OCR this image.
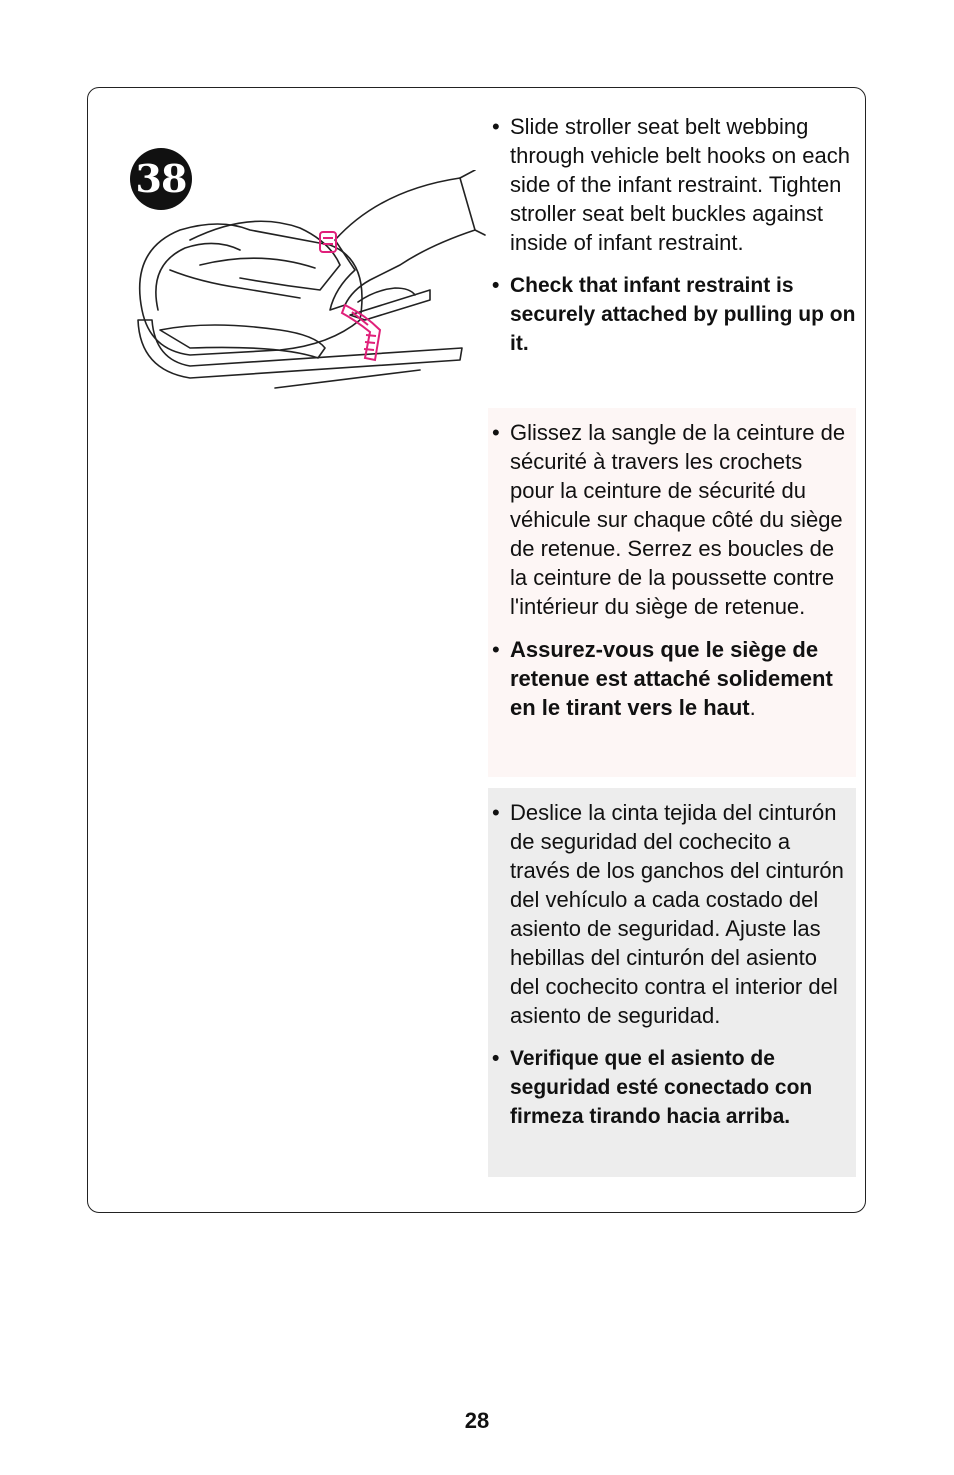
38

• Slide stroller seat belt webbing through vehicle belt hooks on each side of the infant restraint. Tighten stroller seat belt buckles against inside of infant restraint.

• Check that infant restraint is securely attached by pulling up on it.

• Glissez la sangle de la ceinture de sécurité à travers les crochets pour la ceinture de sécurité du véhicule sur chaque côté du siège de retenue. Serrez es boucles de la ceinture de la poussette contre l'intérieur du siège de retenue.

• Assurez-vous que le siège de retenue est attaché solidement en le tirant vers le haut.

• Deslice la cinta tejida del cinturón de seguridad del cochecito a través de los ganchos del cinturón del vehículo a cada costado del asiento de seguridad. Ajuste las hebillas del cinturón del asiento del cochecito contra el interior del asiento de seguridad.

• Verifique que el asiento de seguridad esté conectado con firmeza tirando hacia arriba.

28
